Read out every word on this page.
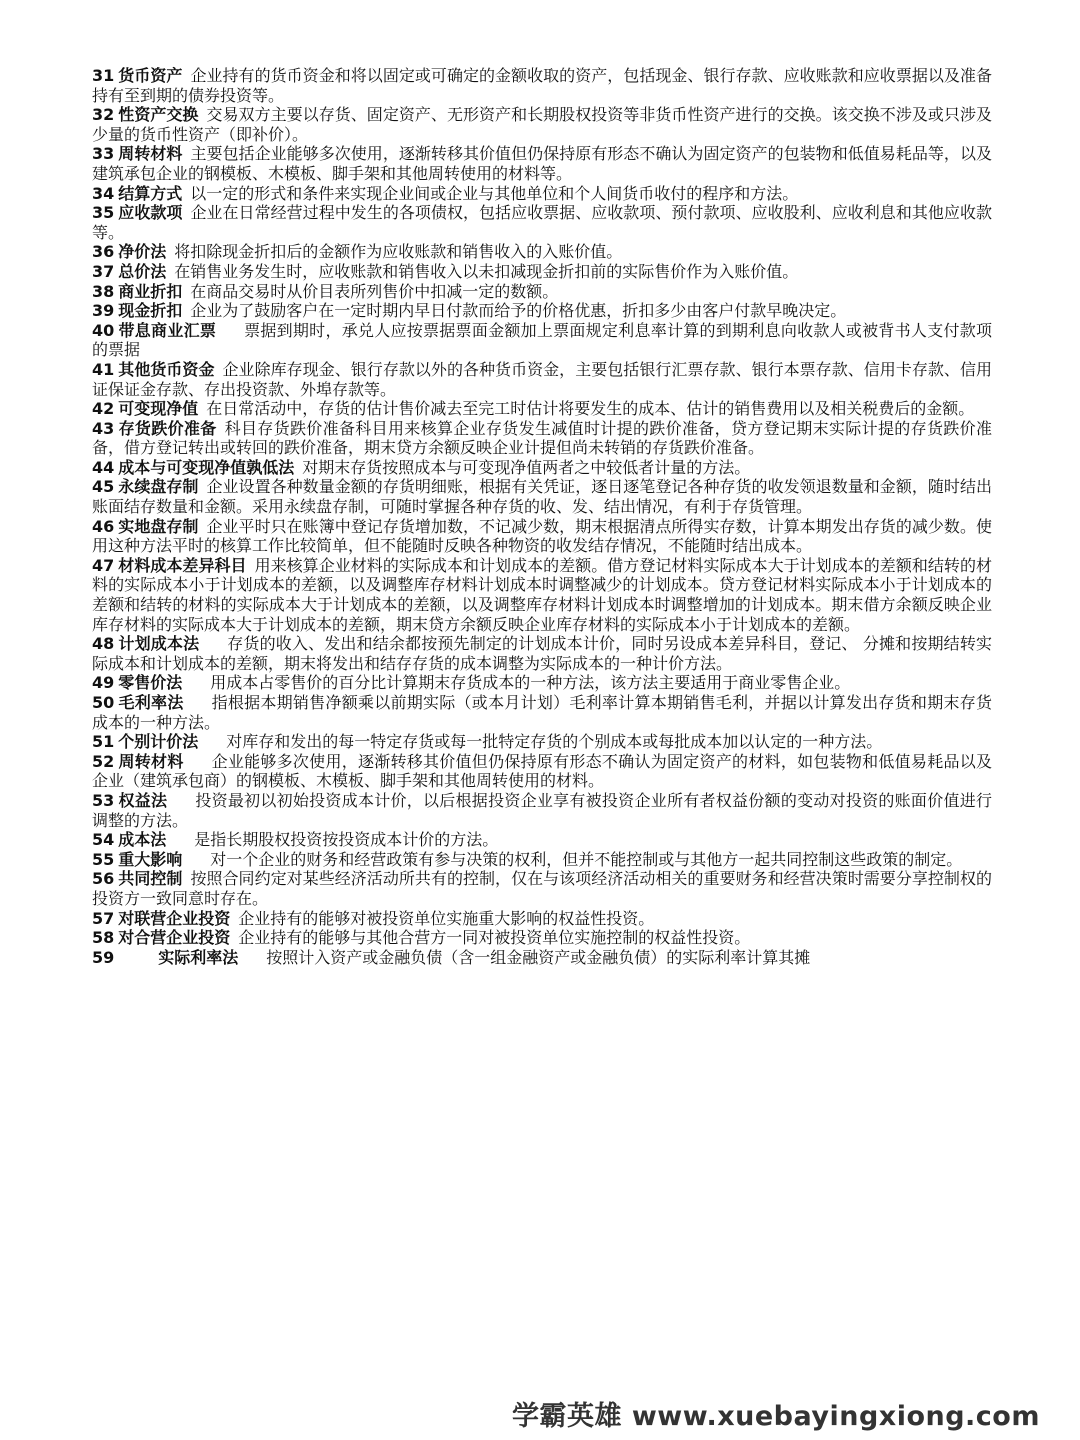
31 货币资产 企业持有的货币资金和将以固定或可确定的金额收取的资产，包括现金、银行存款、应收账款和应收票据以及准备持有至到期的债券投资等。

32 性资产交换 交易双方主要以存货、固定资产、无形资产和长期股权投资等非货币性资产进行的交换。该交换不涉及或只涉及少量的货币性资产（即补价）。

33 周转材料 主要包括企业能够多次使用，逐渐转移其价值但仍保持原有形态不确认为固定资产的包装物和低值易耗品等，以及建筑承包企业的钢模板、木模板、脚手架和其他周转使用的材料等。

34 结算方式 以一定的形式和条件来实现企业间或企业与其他单位和个人间货币收付的程序和方法。

35 应收款项 企业在日常经营过程中发生的各项债权，包括应收票据、应收款项、预付款项、应收股利、应收利息和其他应收款等。

36 净价法 将扣除现金折扣后的金额作为应收账款和销售收入的入账价值。

37 总价法 在销售业务发生时，应收账款和销售收入以未扣减现金折扣前的实际售价作为入账价值。

38 商业折扣 在商品交易时从价目表所列售价中扣减一定的数额。

39 现金折扣 企业为了鼓励客户在一定时期内早日付款而给予的价格优惠，折扣多少由客户付款早晚决定。

40 带息商业汇票 票据到期时，承兑人应按票据票面金额加上票面规定利息率计算的到期利息向收款人或被背书人支付款项的票据

41 其他货币资金 企业除库存现金、银行存款以外的各种货币资金，主要包括银行汇票存款、银行本票存款、信用卡存款、信用证保证金存款、存出投资款、外埠存款等。

42 可变现净值 在日常活动中，存货的估计售价减去至完工时估计将要发生的成本、估计的销售费用以及相关税费后的金额。

43 存货跌价准备 科目存货跌价准备科目用来核算企业存货发生减值时计提的跌价准备，贷方登记期末实际计提的存货跌价准备，借方登记转出或转回的跌价准备，期末贷方余额反映企业计提但尚未转销的存货跌价准备。

44 成本与可变现净值孰低法 对期末存货按照成本与可变现净值两者之中较低者计量的方法。

45 永续盘存制 企业设置各种数量金额的存货明细账，根据有关凭证，逐日逐笔登记各种存货的收发领退数量和金额，随时结出账面结存数量和金额。采用永续盘存制，可随时掌握各种存货的收、发、结出情况，有利于存货管理。

46 实地盘存制 企业平时只在账簿中登记存货增加数，不记减少数，期末根据清点所得实存数，计算本期发出存货的减少数。使用这种方法平时的核算工作比较简单，但不能随时反映各种物资的收发结存情况，不能随时结出成本。

47 材料成本差异科目 用来核算企业材料的实际成本和计划成本的差额。借方登记材料实际成本大于计划成本的差额和结转的材料的实际成本小于计划成本的差额，以及调整库存材料计划成本时调整减少的计划成本。贷方登记材料实际成本小于计划成本的差额和结转的材料的实际成本大于计划成本的差额，以及调整库存材料计划成本时调整增加的计划成本。期末借方余额反映企业库存材料的实际成本大于计划成本的差额，期末贷方余额反映企业库存材料的实际成本小于计划成本的差额。

48 计划成本法 存货的收入、发出和结余都按预先制定的计划成本计价，同时另设成本差异科目，登记、 分摊和按期结转实际成本和计划成本的差额，期末将发出和结存存货的成本调整为实际成本的一种计价方法。

49 零售价法 用成本占零售价的百分比计算期末存货成本的一种方法，该方法主要适用于商业零售企业。

50 毛利率法 指根据本期销售净额乘以前期实际（或本月计划）毛利率计算本期销售毛利，并据以计算发出存货和期末存货成本的一种方法。

51 个别计价法 对库存和发出的每一特定存货或每一批特定存货的个别成本或每批成本加以认定的一种方法。

52 周转材料 企业能够多次使用，逐渐转移其价值但仍保持原有形态不确认为固定资产的材料，如包装物和低值易耗品以及企业（建筑承包商）的钢模板、木模板、脚手架和其他周转使用的材料。

53 权益法 投资最初以初始投资成本计价，以后根据投资企业享有被投资企业所有者权益份额的变动对投资的账面价值进行调整的方法。

54 成本法 是指长期股权投资按投资成本计价的方法。

55 重大影响 对一个企业的财务和经营政策有参与决策的权利，但并不能控制或与其他方一起共同控制这些政策的制定。

56 共同控制 按照合同约定对某些经济活动所共有的控制，仅在与该项经济活动相关的重要财务和经营决策时需要分享控制权的投资方一致同意时存在。

57 对联营企业投资 企业持有的能够对被投资单位实施重大影响的权益性投资。

58 对合营企业投资 企业持有的能够与其他合营方一同对被投资单位实施控制的权益性投资。

59	实际利率法 按照计入资产或金融负债（含一组金融资产或金融负债）的实际利率计算其摊

学霸英雄 www.xuebayingxiong.com
